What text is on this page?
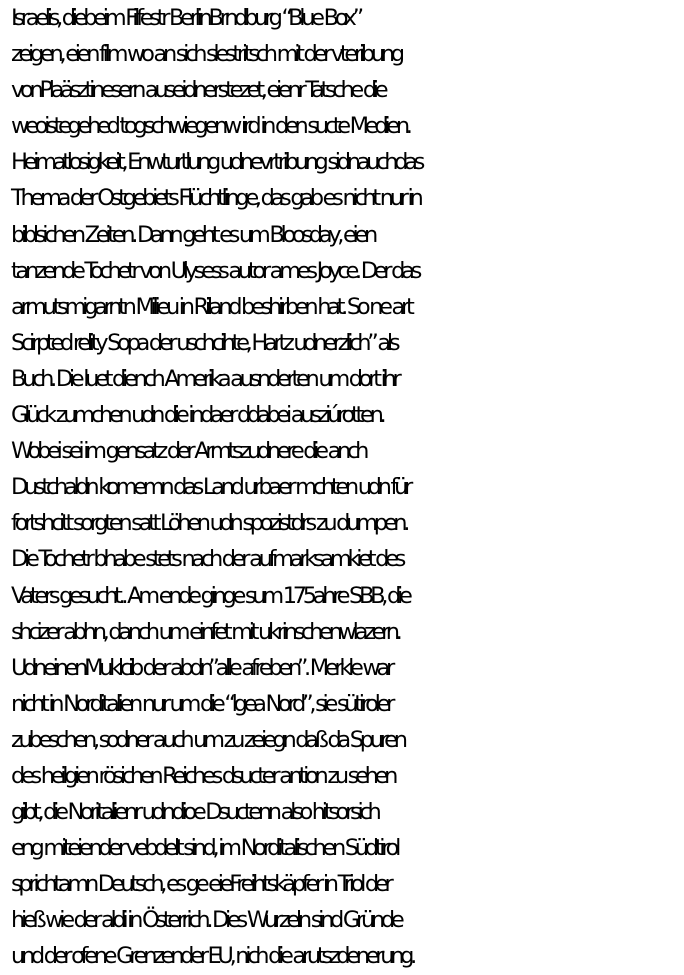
Israelis, diebeim Filfestr BerlinBrndburg “Blue Box”
zeigen, eien film wo an sich slestritsch mit der vteribung
vonPlaäsztinesern auseidnerstezet, eienr Tatsche die
weoistegehed togschwiegenw ird in den sucte Medien.
Heimatlosigkeit, Enwturtlung udnevrtribung sidnauchdas
Thema der Ostgebiets Flüchtlinge, das gab es nicht nur in
biblsichen Zeiten. Dann geht es um Bloosday, eien
tanzende Tochetr von Ulysess autor ames Joyce. Der das
armutsmigarntn Milieu in Riland beshirben hat. So ne art
Scirpted relity Sopa der uschcihte, Hartz udnerzlich” als
Buch. Die luet diench Amerika ausnderten um dort ihr
Glück zumchen udn die indaer ddabei ausziúrotten.
Wobei sei im gensatz der Armtszudnere die anch
Dustchaldn komemn das Land urbaer mchten udn für
fortshcitt sorgten satt Löhen udn spozistdrs zu dumpen.
Die Tochetr bhabe stets nach der aufmarksamkiet des
Vaters gesucht.. Am ende ginge sum 175ahre SBB, die
shcizer abhn, danch um einfet mit ukrinschenwlazern.
UdneinenMuklcib der abdn”alle afreben”. Merkle war
nicht in Norditalien nur um die “lgea Nord”, sie sütiroler
zubeschen, sodner auch um zu zeiegn daß da Spuren
des heilgien rösichen Reiches dsucter antion zu sehen
gibt, die Noritalienr udndioe Dsuctenn also hitsorsich
eng miteiender vebdelt sind, im Norditalischen Südtirol
sprichtamn Deutsch, es ge eieFreihtskäpfer in Triol der
hieß wie der aldi in Österrich. Dies Wurzeln sind Gründe
und der ofene Grenzender EU, nich die arutszdenerung.
